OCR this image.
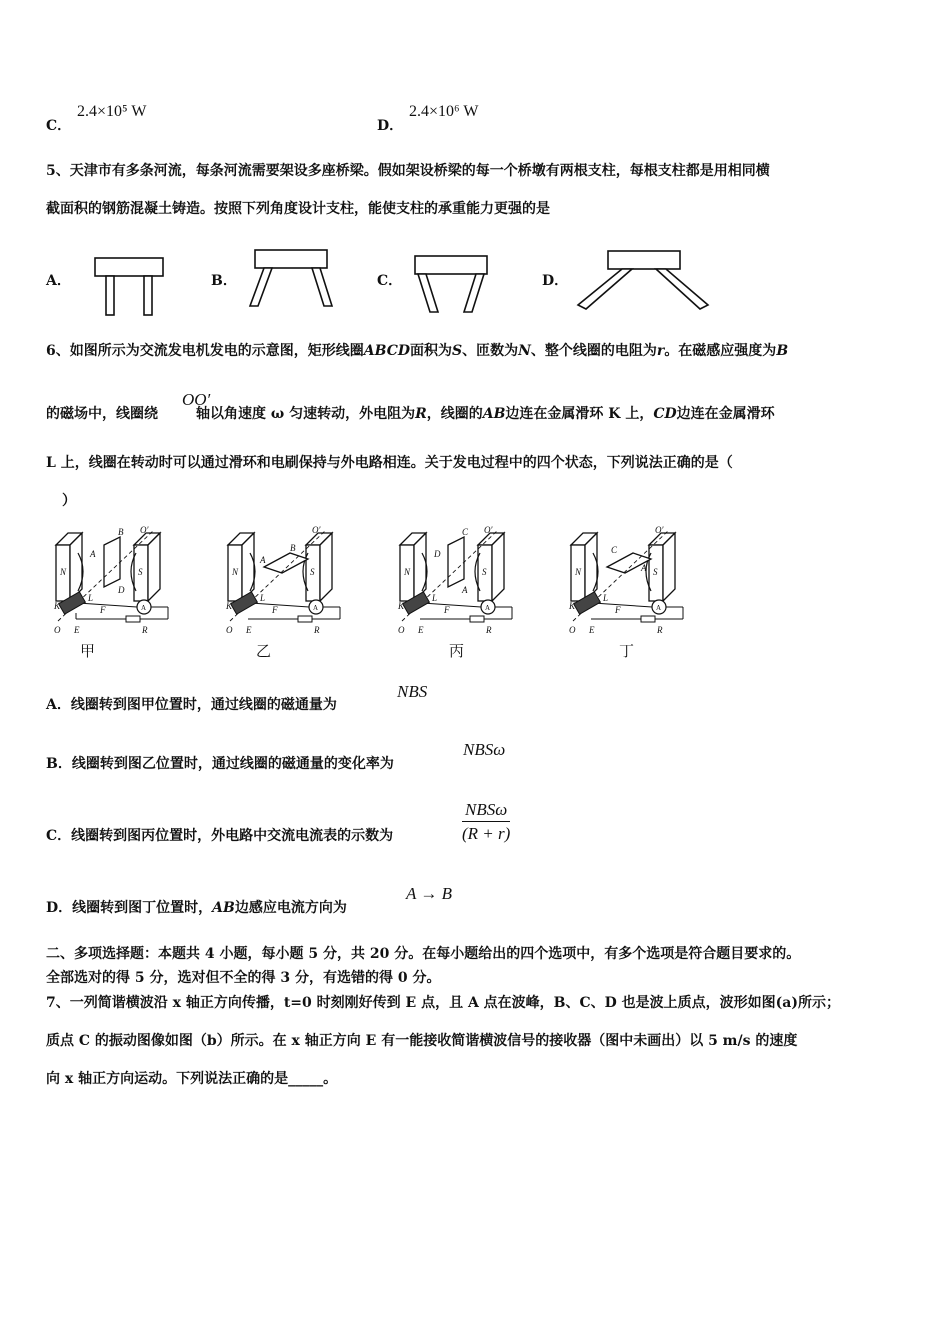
C．
2.4×10⁵ W
D．
2.4×10⁶ W
5、天津市有多条河流，每条河流需要架设多座桥梁。假如架设桥梁的每一个桥墩有两根支柱，每根支柱都是用相同横
截面积的钢筋混凝土铸造。按照下列角度设计支柱，能使支柱的承重能力更强的是
A．	B．	C．	D．
6、如图所示为交流发电机发电的示意图，矩形线圈ABCD面积为S、匝数为N、整个线圈的电阻为r。在磁感应强度为B
OO′
的磁场中，线圈绕	轴以角速度 ω 匀速转动，外电阻为R，线圈的AB边连在金属滑环 K 上，CD边连在金属滑环
L 上，线圈在转动时可以通过滑环和电刷保持与外电路相连。关于发电过程中的四个状态，下列说法正确的是（
）
N	S
B
A
D
L
K	F
O E	R
O′
A
甲
N	S
A
B
L
K	F
O E	R
O′
A
乙
N	S
C
D
A
L
K	F
O E	R
O′
A
丙
N	S
C
A
L
K	F
O E	R
O′
A
丁
A．线圈转到图甲位置时，通过线圈的磁通量为
NBS
B．线圈转到图乙位置时，通过线圈的磁通量的变化率为
NBSω
C．线圈转到图丙位置时，外电路中交流电流表的示数为
NBSω
(R + r)
D．线圈转到图丁位置时，AB边感应电流方向为
A → B
二、多项选择题：本题共 4 小题，每小题 5 分，共 20 分。在每小题给出的四个选项中，有多个选项是符合题目要求的。
全部选对的得 5 分，选对但不全的得 3 分，有选错的得 0 分。
7、一列简谐横波沿 x 轴正方向传播，t=0 时刻刚好传到 E 点，且 A 点在波峰，B、C、D 也是波上质点，波形如图(a)所示；
质点 C 的振动图像如图（b）所示。在 x 轴正方向 E 有一能接收简谐横波信号的接收器（图中未画出）以 5 m/s 的速度
向 x 轴正方向运动。下列说法正确的是_____。
